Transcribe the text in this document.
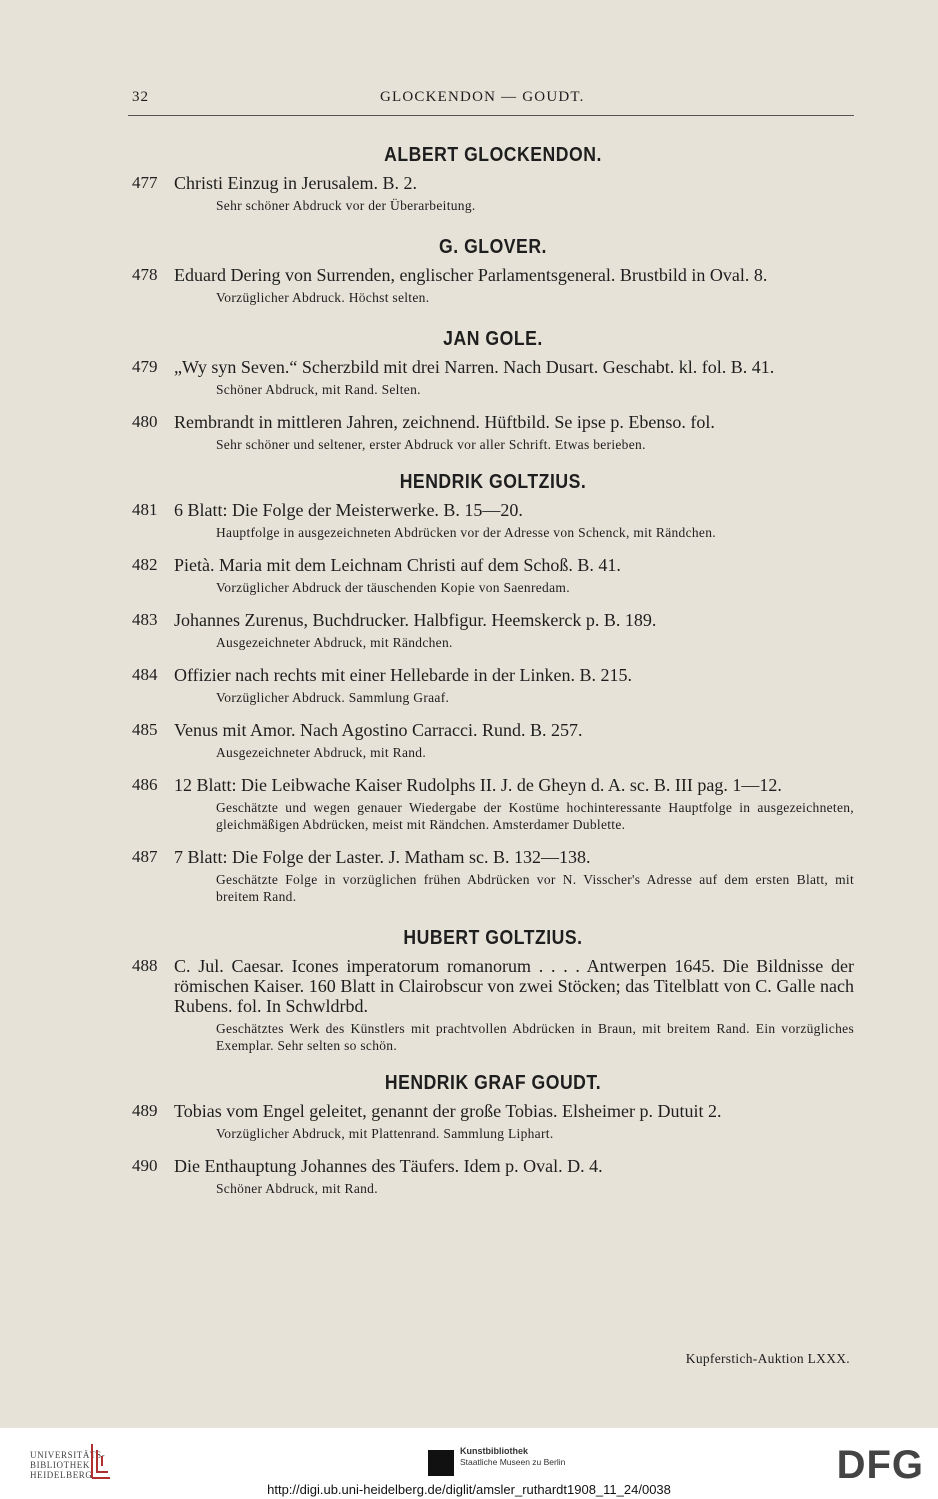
32	GLOCKENDON — GOUDT.
ALBERT GLOCKENDON.
477 Christi Einzug in Jerusalem. B. 2.
Sehr schöner Abdruck vor der Überarbeitung.
G. GLOVER.
478 Eduard Dering von Surrenden, englischer Parlamentsgeneral. Brustbild in Oval. 8.
Vorzüglicher Abdruck. Höchst selten.
JAN GOLE.
479 „Wy syn Seven.“ Scherzbild mit drei Narren. Nach Dusart. Geschabt. kl. fol. B. 41.
Schöner Abdruck, mit Rand. Selten.
480 Rembrandt in mittleren Jahren, zeichnend. Hüftbild. Se ipse p. Ebenso. fol.
Sehr schöner und seltener, erster Abdruck vor aller Schrift. Etwas berieben.
HENDRIK GOLTZIUS.
481 6 Blatt: Die Folge der Meisterwerke. B. 15—20.
Hauptfolge in ausgezeichneten Abdrücken vor der Adresse von Schenck, mit Rändchen.
482 Pietà. Maria mit dem Leichnam Christi auf dem Schoß. B. 41.
Vorzüglicher Abdruck der täuschenden Kopie von Saenredam.
483 Johannes Zurenus, Buchdrucker. Halbfigur. Heemskerck p. B. 189.
Ausgezeichneter Abdruck, mit Rändchen.
484 Offizier nach rechts mit einer Hellebarde in der Linken. B. 215.
Vorzüglicher Abdruck. Sammlung Graaf.
485 Venus mit Amor. Nach Agostino Carracci. Rund. B. 257.
Ausgezeichneter Abdruck, mit Rand.
486 12 Blatt: Die Leibwache Kaiser Rudolphs II. J. de Gheyn d. A. sc. B. III pag. 1—12.
Geschätzte und wegen genauer Wiedergabe der Kostüme hochinteressante Hauptfolge in ausgezeichneten, gleichmäßigen Abdrücken, meist mit Rändchen. Amsterdamer Dublette.
487 7 Blatt: Die Folge der Laster. J. Matham sc. B. 132—138.
Geschätzte Folge in vorzüglichen frühen Abdrücken vor N. Visscher's Adresse auf dem ersten Blatt, mit breitem Rand.
HUBERT GOLTZIUS.
488 C. Jul. Caesar. Icones imperatorum romanorum . . . . Antwerpen 1645. Die Bildnisse der römischen Kaiser. 160 Blatt in Clairobscur von zwei Stöcken; das Titelblatt von C. Galle nach Rubens. fol. In Schwldrbd.
Geschätztes Werk des Künstlers mit prachtvollen Abdrücken in Braun, mit breitem Rand. Ein vorzügliches Exemplar. Sehr selten so schön.
HENDRIK GRAF GOUDT.
489 Tobias vom Engel geleitet, genannt der große Tobias. Elsheimer p. Dutuit 2.
Vorzüglicher Abdruck, mit Plattenrand. Sammlung Liphart.
490 Die Enthauptung Johannes des Täufers. Idem p. Oval. D. 4.
Schöner Abdruck, mit Rand.
Kupferstich-Auktion LXXX.
UNIVERSITÄTS-
BIBLIOTHEK
HEIDELBERG
Kunstbibliothek
Staatliche Museen zu Berlin	DFG
http://digi.ub.uni-heidelberg.de/diglit/amsler_ruthardt1908_11_24/0038
